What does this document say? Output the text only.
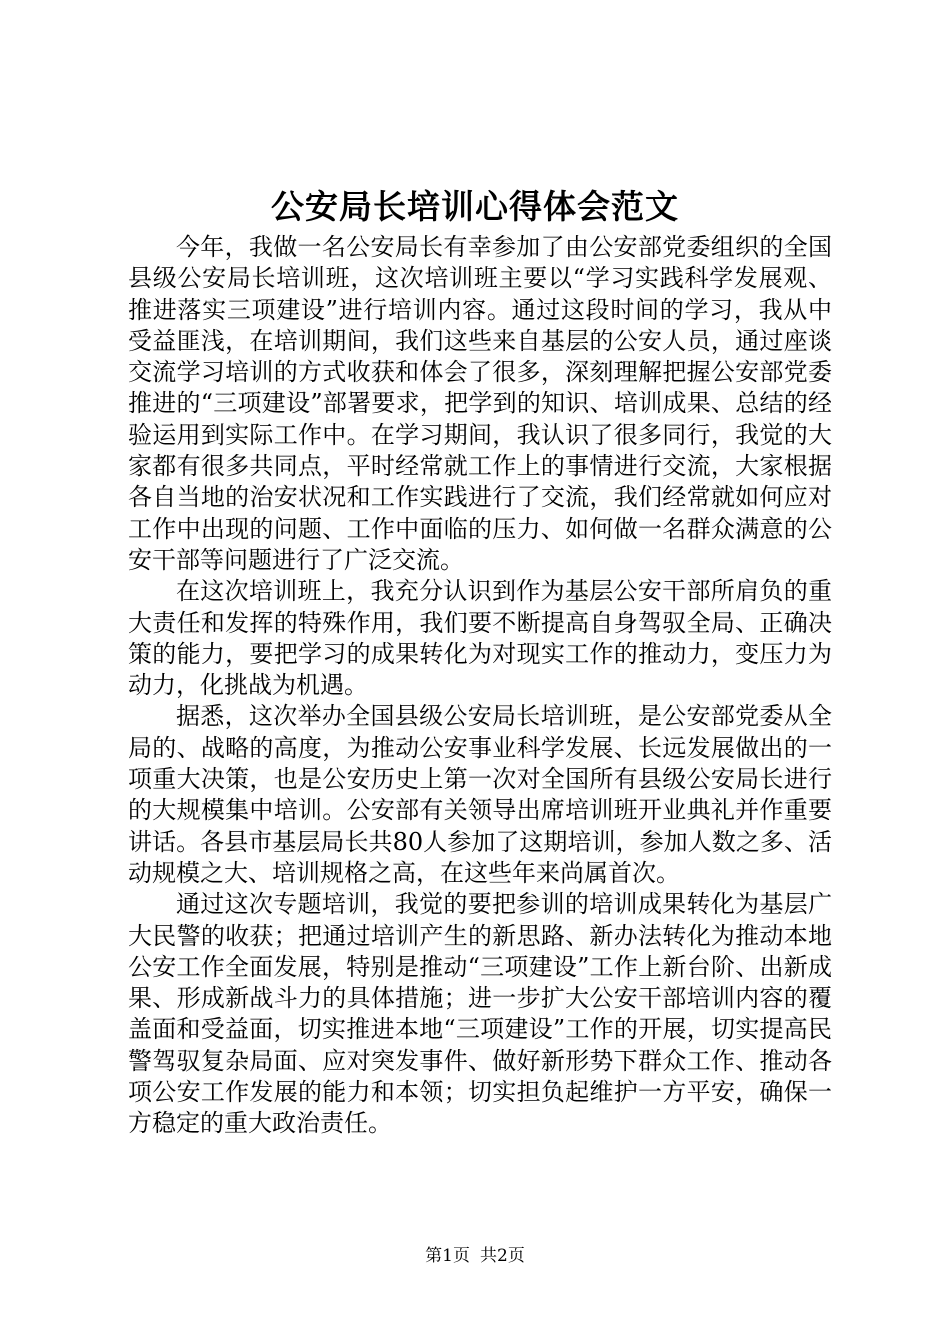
公安局长培训心得体会范文

今年，我做一名公安局长有幸参加了由公安部党委组织的全国县级公安局长培训班，这次培训班主要以“学习实践科学发展观、推进落实三项建设”进行培训内容。通过这段时间的学习，我从中受益匪浅，在培训期间，我们这些来自基层的公安人员，通过座谈交流学习培训的方式收获和体会了很多，深刻理解把握公安部党委推进的“三项建设”部署要求，把学到的知识、培训成果、总结的经验运用到实际工作中。在学习期间，我认识了很多同行，我觉的大家都有很多共同点，平时经常就工作上的事情进行交流，大家根据各自当地的治安状况和工作实践进行了交流，我们经常就如何应对工作中出现的问题、工作中面临的压力、如何做一名群众满意的公安干部等问题进行了广泛交流。

在这次培训班上，我充分认识到作为基层公安干部所肩负的重大责任和发挥的特殊作用，我们要不断提高自身驾驭全局、正确决策的能力，要把学习的成果转化为对现实工作的推动力，变压力为动力，化挑战为机遇。

据悉，这次举办全国县级公安局长培训班，是公安部党委从全局的、战略的高度，为推动公安事业科学发展、长远发展做出的一项重大决策，也是公安历史上第一次对全国所有县级公安局长进行的大规模集中培训。公安部有关领导出席培训班开业典礼并作重要讲话。各县市基层局长共80人参加了这期培训，参加人数之多、活动规模之大、培训规格之高，在这些年来尚属首次。

通过这次专题培训，我觉的要把参训的培训成果转化为基层广大民警的收获；把通过培训产生的新思路、新办法转化为推动本地公安工作全面发展，特别是推动“三项建设”工作上新台阶、出新成果、形成新战斗力的具体措施；进一步扩大公安干部培训内容的覆盖面和受益面，切实推进本地“三项建设”工作的开展，切实提高民警驾驭复杂局面、应对突发事件、做好新形势下群众工作、推动各项公安工作发展的能力和本领；切实担负起维护一方平安，确保一方稳定的重大政治责任。

第1页 共2页
